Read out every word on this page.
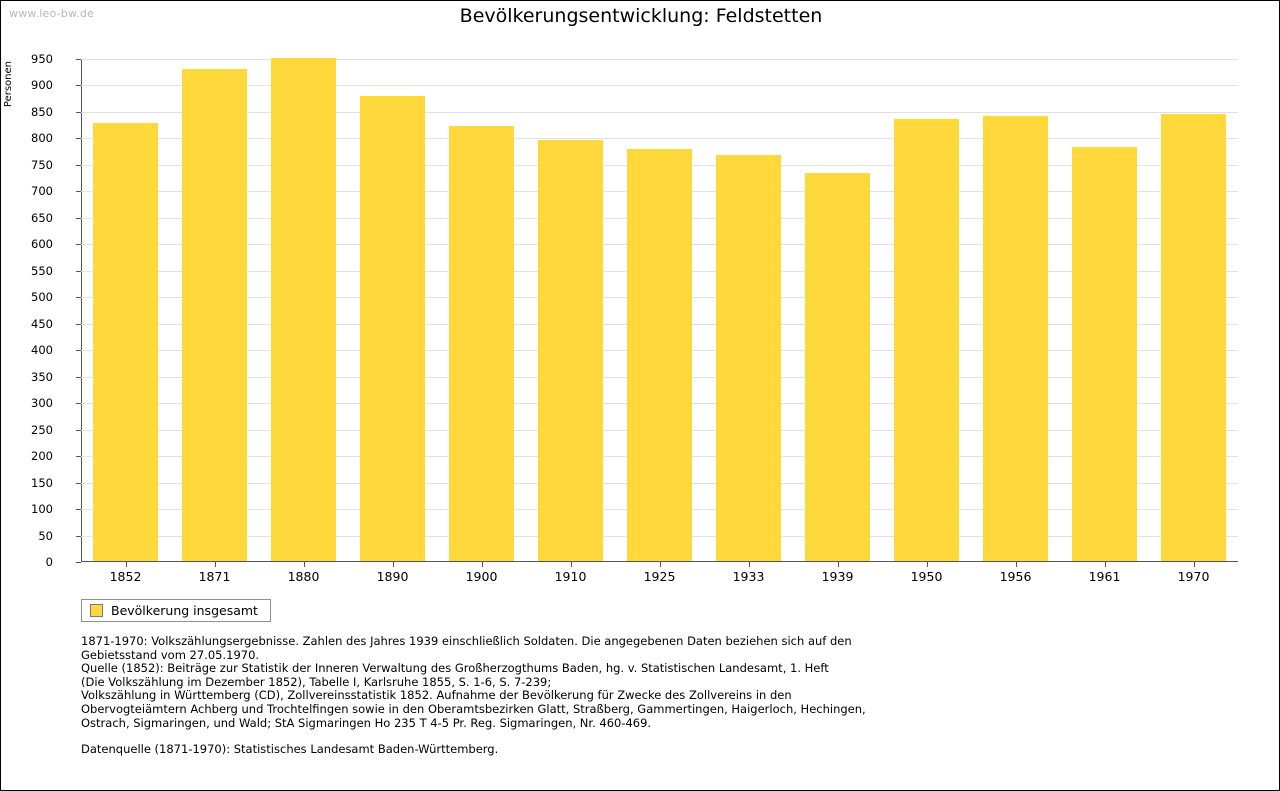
www.leo-bw.de	Bevölkerungsentwicklung: Feldstetten
Personen
0
50
100
150
200
250
300
350
400
450
500
550
600
650
700
750
800
850
900
950
1852	1871	1880	1890	1900	1910	1925	1933	1939	1950	1956	1961	1970
Bevölkerung insgesamt
1871-1970: Volkszählungsergebnisse. Zahlen des Jahres 1939 einschließlich Soldaten. Die angegebenen Daten beziehen sich auf den
Gebietsstand vom 27.05.1970.
Quelle (1852): Beiträge zur Statistik der Inneren Verwaltung des Großherzogthums Baden, hg. v. Statistischen Landesamt, 1. Heft
(Die Volkszählung im Dezember 1852), Tabelle I, Karlsruhe 1855, S. 1-6, S. 7-239;
Volkszählung in Württemberg (CD), Zollvereinsstatistik 1852. Aufnahme der Bevölkerung für Zwecke des Zollvereins in den
Obervogteiämtern Achberg und Trochtelfingen sowie in den Oberamtsbezirken Glatt, Straßberg, Gammertingen, Haigerloch, Hechingen,
Ostrach, Sigmaringen, und Wald; StA Sigmaringen Ho 235 T 4-5 Pr. Reg. Sigmaringen, Nr. 460-469.
Datenquelle (1871-1970): Statistisches Landesamt Baden-Württemberg.
